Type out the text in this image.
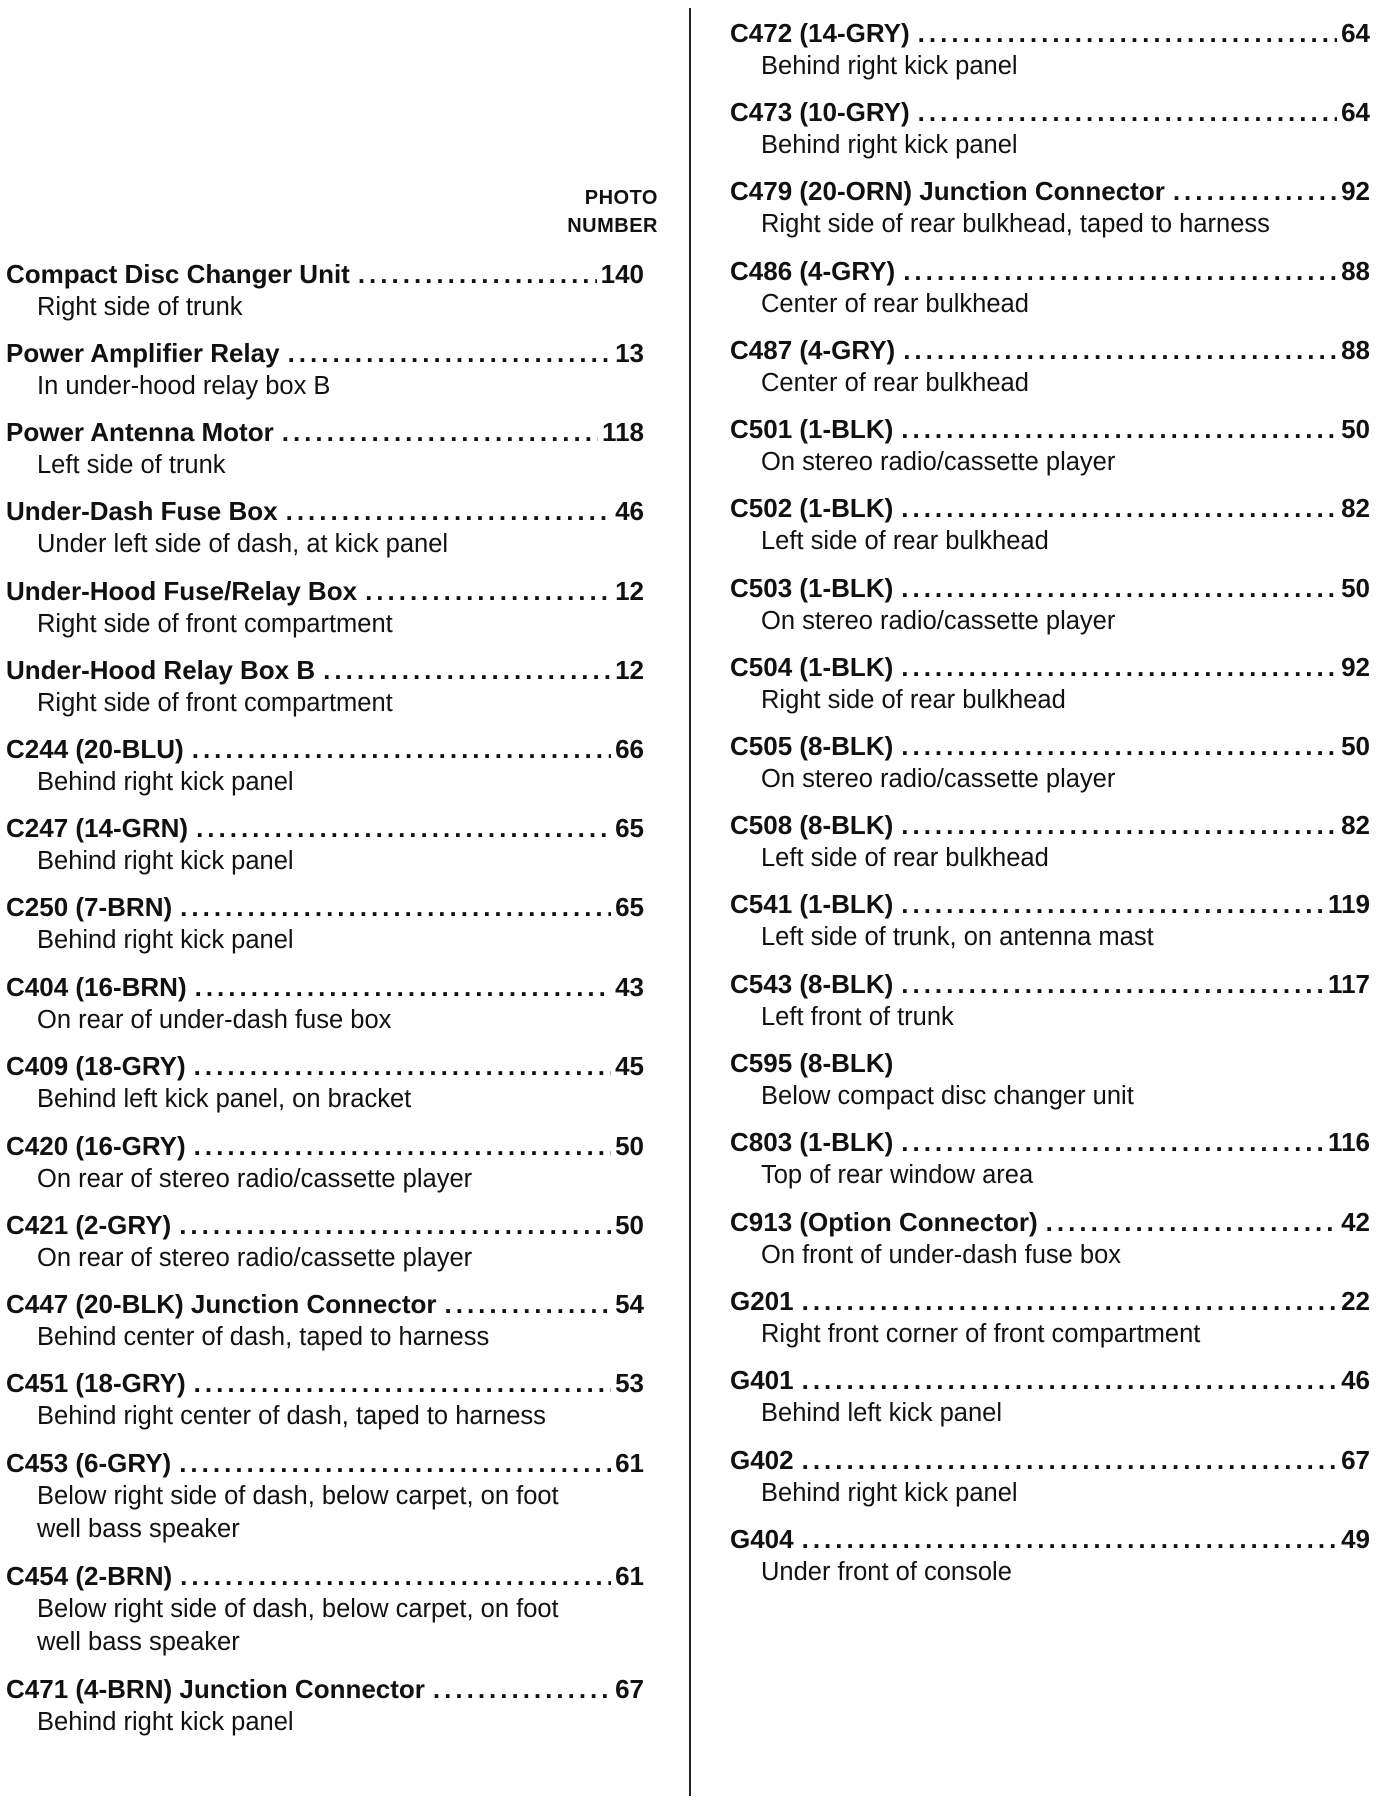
PHOTO
NUMBER
Compact Disc Changer Unit .....	140
Right side of trunk
Power Amplifier Relay .....	13
In under-hood relay box B
Power Antenna Motor .....	118
Left side of trunk
Under-Dash Fuse Box .....	46
Under left side of dash, at kick panel
Under-Hood Fuse/Relay Box .....	12
Right side of front compartment
Under-Hood Relay Box B .....	12
Right side of front compartment
C244 (20-BLU) .....	66
Behind right kick panel
C247 (14-GRN) .....	65
Behind right kick panel
C250 (7-BRN) .....	65
Behind right kick panel
C404 (16-BRN) .....	43
On rear of under-dash fuse box
C409 (18-GRY) .....	45
Behind left kick panel, on bracket
C420 (16-GRY) .....	50
On rear of stereo radio/cassette player
C421 (2-GRY) .....	50
On rear of stereo radio/cassette player
C447 (20-BLK) Junction Connector .....	54
Behind center of dash, taped to harness
C451 (18-GRY) .....	53
Behind right center of dash, taped to harness
C453 (6-GRY) .....	61
Below right side of dash, below carpet, on foot
well bass speaker
C454 (2-BRN) .....	61
Below right side of dash, below carpet, on foot
well bass speaker
C471 (4-BRN) Junction Connector .....	67
Behind right kick panel
C472 (14-GRY) .....	64
Behind right kick panel
C473 (10-GRY) .....	64
Behind right kick panel
C479 (20-ORN) Junction Connector .....	92
Right side of rear bulkhead, taped to harness
C486 (4-GRY) .....	88
Center of rear bulkhead
C487 (4-GRY) .....	88
Center of rear bulkhead
C501 (1-BLK) .....	50
On stereo radio/cassette player
C502 (1-BLK) .....	82
Left side of rear bulkhead
C503 (1-BLK) .....	50
On stereo radio/cassette player
C504 (1-BLK) .....	92
Right side of rear bulkhead
C505 (8-BLK) .....	50
On stereo radio/cassette player
C508 (8-BLK) .....	82
Left side of rear bulkhead
C541 (1-BLK) .....	119
Left side of trunk, on antenna mast
C543 (8-BLK) .....	117
Left front of trunk
C595 (8-BLK)
Below compact disc changer unit
C803 (1-BLK) .....	116
Top of rear window area
C913 (Option Connector) .....	42
On front of under-dash fuse box
G201 .....	22
Right front corner of front compartment
G401 .....	46
Behind left kick panel
G402 .....	67
Behind right kick panel
G404 .....	49
Under front of console
